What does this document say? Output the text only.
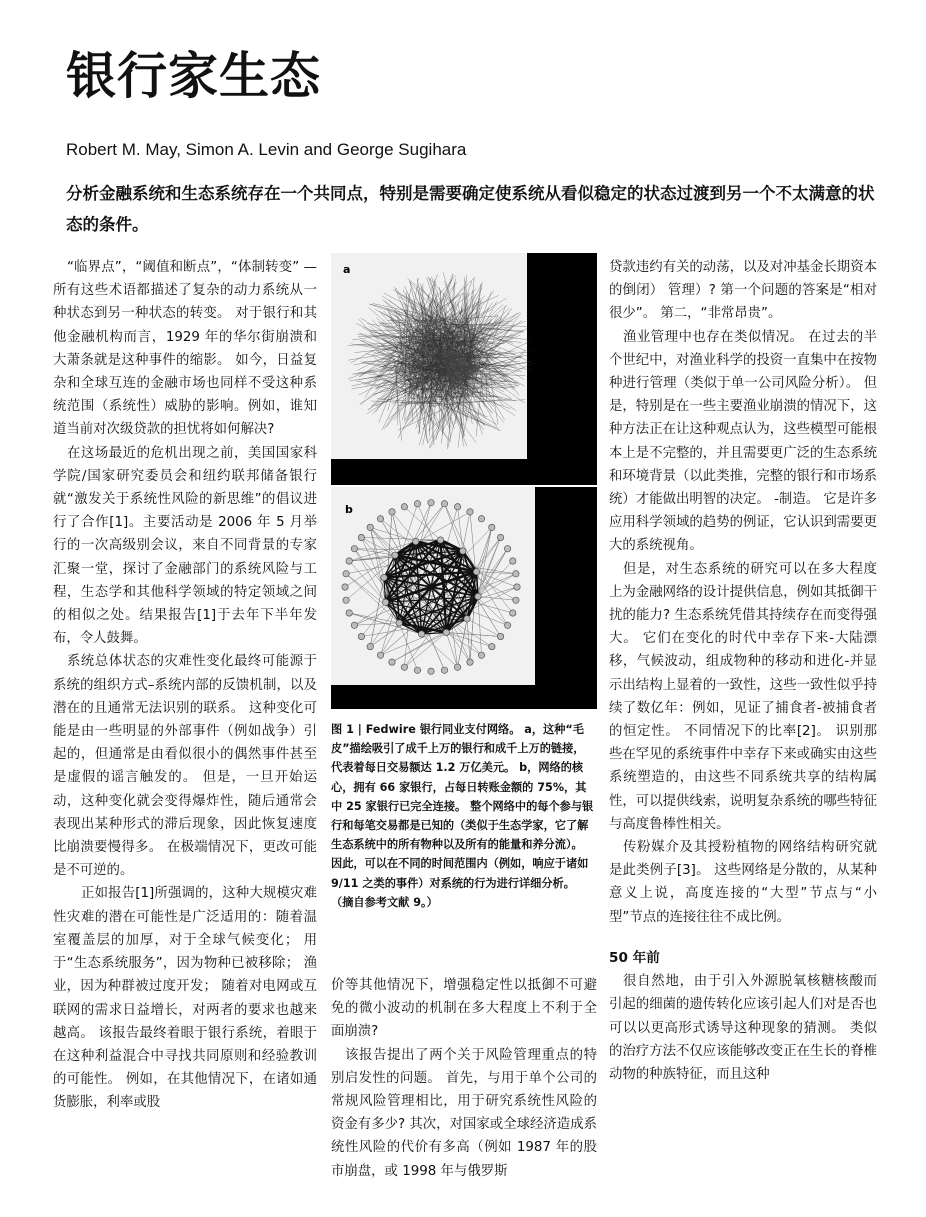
银行家生态

Robert M. May, Simon A. Levin and George Sugihara

分析金融系统和生态系统存在一个共同点，特别是需要确定使系统从看似稳定的状态过渡到另一个不太满意的状态的条件。

“临界点”，“阈值和断点”，“体制转变” —所有这些术语都描述了复杂的动力系统从一种状态到另一种状态的转变。 对于银行和其他金融机构而言，1929 年的华尔街崩溃和大萧条就是这种事件的缩影。 如今，日益复杂和全球互连的金融市场也同样不受这种系统范围（系统性）威胁的影响。例如，谁知道当前对次级贷款的担忧将如何解决?

在这场最近的危机出现之前，美国国家科学院/国家研究委员会和纽约联邦储备银行就“激发关于系统性风险的新思维”的倡议进行了合作[1]。主要活动是 2006 年 5 月举行的一次高级别会议，来自不同背景的专家汇聚一堂，探讨了金融部门的系统风险与工程，生态学和其他科学领域的特定领域之间的相似之处。结果报告[1]于去年下半年发布，令人鼓舞。

系统总体状态的灾难性变化最终可能源于系统的组织方式–系统内部的反馈机制，以及潜在的且通常无法识别的联系。 这种变化可能是由一些明显的外部事件（例如战争）引起的，但通常是由看似很小的偶然事件甚至是虚假的谣言触发的。 但是，一旦开始运动，这种变化就会变得爆炸性，随后通常会表现出某种形式的滞后现象，因此恢复速度比崩溃要慢得多。 在极端情况下，更改可能是不可逆的。

正如报告[1]所强调的，这种大规模灾难性灾难的潜在可能性是广泛适用的：随着温室覆盖层的加厚，对于全球气候变化； 用于“生态系统服务”，因为物种已被移除； 渔业，因为种群被过度开发； 随着对电网或互联网的需求日益增长，对两者的要求也越来越高。 该报告最终着眼于银行系统，着眼于在这种利益混合中寻找共同原则和经验教训的可能性。 例如，在其他情况下，在诸如通货膨胀，利率或股

a
b

图 1 | Fedwire 银行同业支付网络。 a，这种“毛皮”描绘吸引了成千上万的银行和成千上万的链接，代表着每日交易额达 1.2 万亿美元。 b，网络的核心，拥有 66 家银行，占每日转账金额的 75%，其中 25 家银行已完全连接。 整个网络中的每个参与银行和每笔交易都是已知的（类似于生态学家，它了解生态系统中的所有物种以及所有的能量和养分流）。 因此，可以在不同的时间范围内（例如，响应于诸如 9/11 之类的事件）对系统的行为进行详细分析。 （摘自参考文献 9。）

价等其他情况下，增强稳定性以抵御不可避免的微小波动的机制在多大程度上不利于全面崩溃?

该报告提出了两个关于风险管理重点的特别启发性的问题。 首先，与用于单个公司的常规风险管理相比，用于研究系统性风险的资金有多少? 其次，对国家或全球经济造成系统性风险的代价有多高（例如 1987 年的股市崩盘，或 1998 年与俄罗斯

贷款违约有关的动荡，以及对冲基金长期资本的倒闭） 管理）? 第一个问题的答案是“相对很少”。 第二，“非常昂贵”。

渔业管理中也存在类似情况。 在过去的半个世纪中，对渔业科学的投资一直集中在按物种进行管理（类似于单一公司风险分析）。 但是，特别是在一些主要渔业崩溃的情况下，这种方法正在让这种观点认为，这些模型可能根本上是不完整的，并且需要更广泛的生态系统和环境背景（以此类推，完整的银行和市场系统）才能做出明智的决定。 -制造。 它是许多应用科学领域的趋势的例证，它认识到需要更大的系统视角。

但是，对生态系统的研究可以在多大程度上为金融网络的设计提供信息，例如其抵御干扰的能力? 生态系统凭借其持续存在而变得强大。 它们在变化的时代中幸存下来-大陆漂移，气候波动，组成物种的移动和进化-并显示出结构上显着的一致性，这些一致性似乎持续了数亿年：例如，见证了捕食者-被捕食者的恒定性。 不同情况下的比率[2]。 识别那些在罕见的系统事件中幸存下来或确实由这些系统塑造的，由这些不同系统共享的结构属性，可以提供线索，说明复杂系统的哪些特征与高度鲁棒性相关。

传粉媒介及其授粉植物的网络结构研究就是此类例子[3]。 这些网络是分散的，从某种意义上说，高度连接的“大型”节点与“小型”节点的连接往往不成比例。

50 年前

很自然地，由于引入外源脱氧核糖核酸而引起的细菌的遗传转化应该引起人们对是否也可以以更高形式诱导这种现象的猜测。 类似的治疗方法不仅应该能够改变正在生长的脊椎动物的种族特征，而且这种
